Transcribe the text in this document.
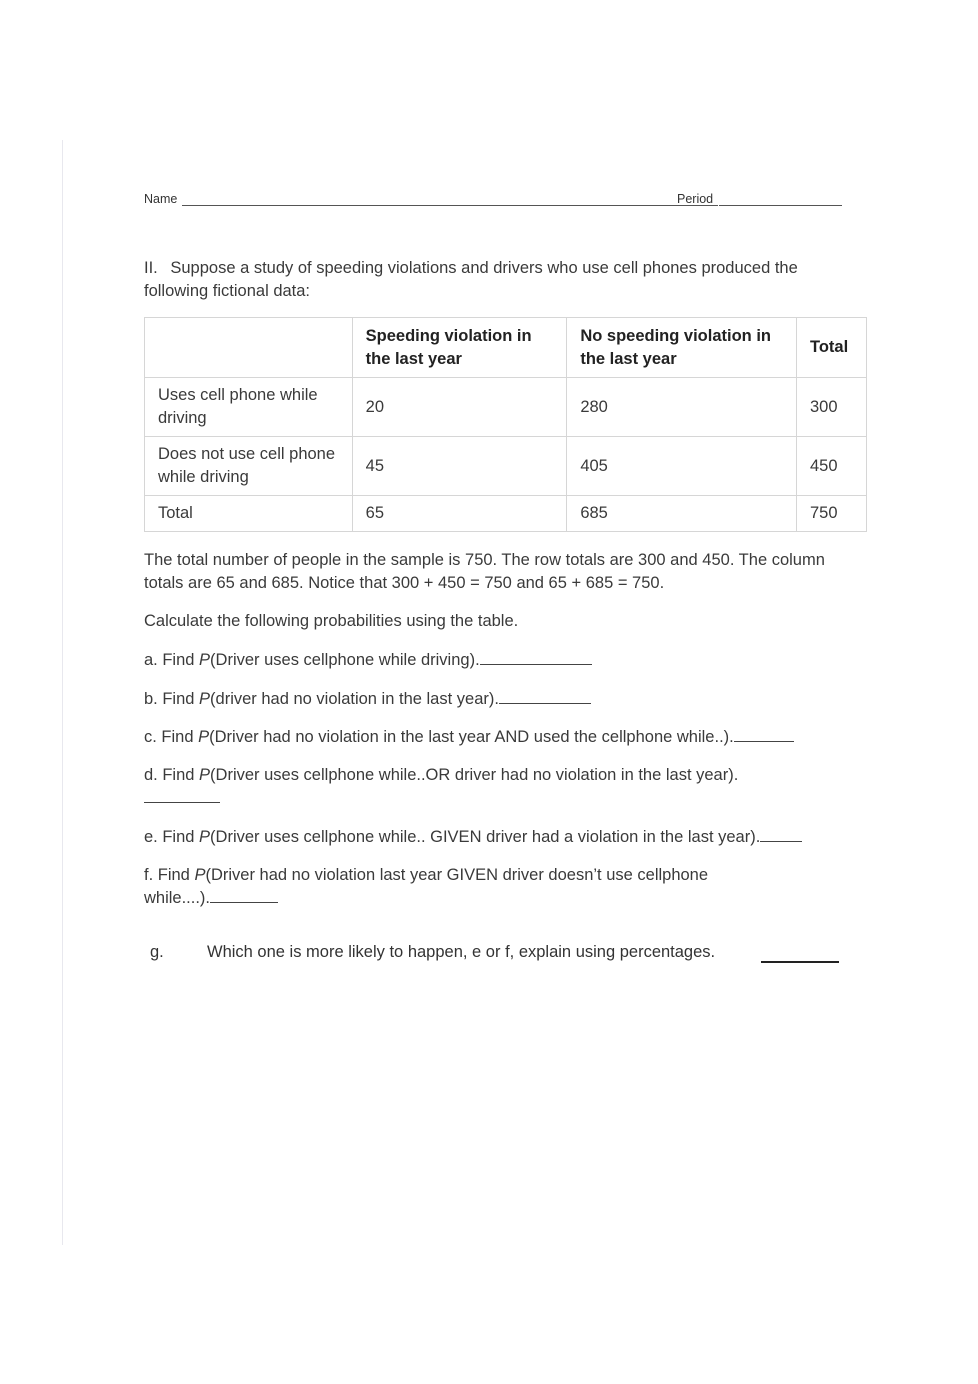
Name	Period
II. Suppose a study of speeding violations and drivers who use cell phones produced the following fictional data:
	Speeding violation in the last year	No speeding violation in the last year	Total
Uses cell phone while driving	20	280	300
Does not use cell phone while driving	45	405	450
Total	65	685	750
The total number of people in the sample is 750. The row totals are 300 and 450. The column totals are 65 and 685. Notice that 300 + 450 = 750 and 65 + 685 = 750.
Calculate the following probabilities using the table.
a. Find P(Driver uses cellphone while driving).
b. Find P(driver had no violation in the last year).
c. Find P(Driver had no violation in the last year AND used the cellphone while..).
d. Find P(Driver uses cellphone while..OR driver had no violation in the last year).
e. Find P(Driver uses cellphone while.. GIVEN driver had a violation in the last year).
f. Find P(Driver had no violation last year GIVEN driver doesn’t use cellphone while....).
g.	Which one is more likely to happen, e or f, explain using percentages.
